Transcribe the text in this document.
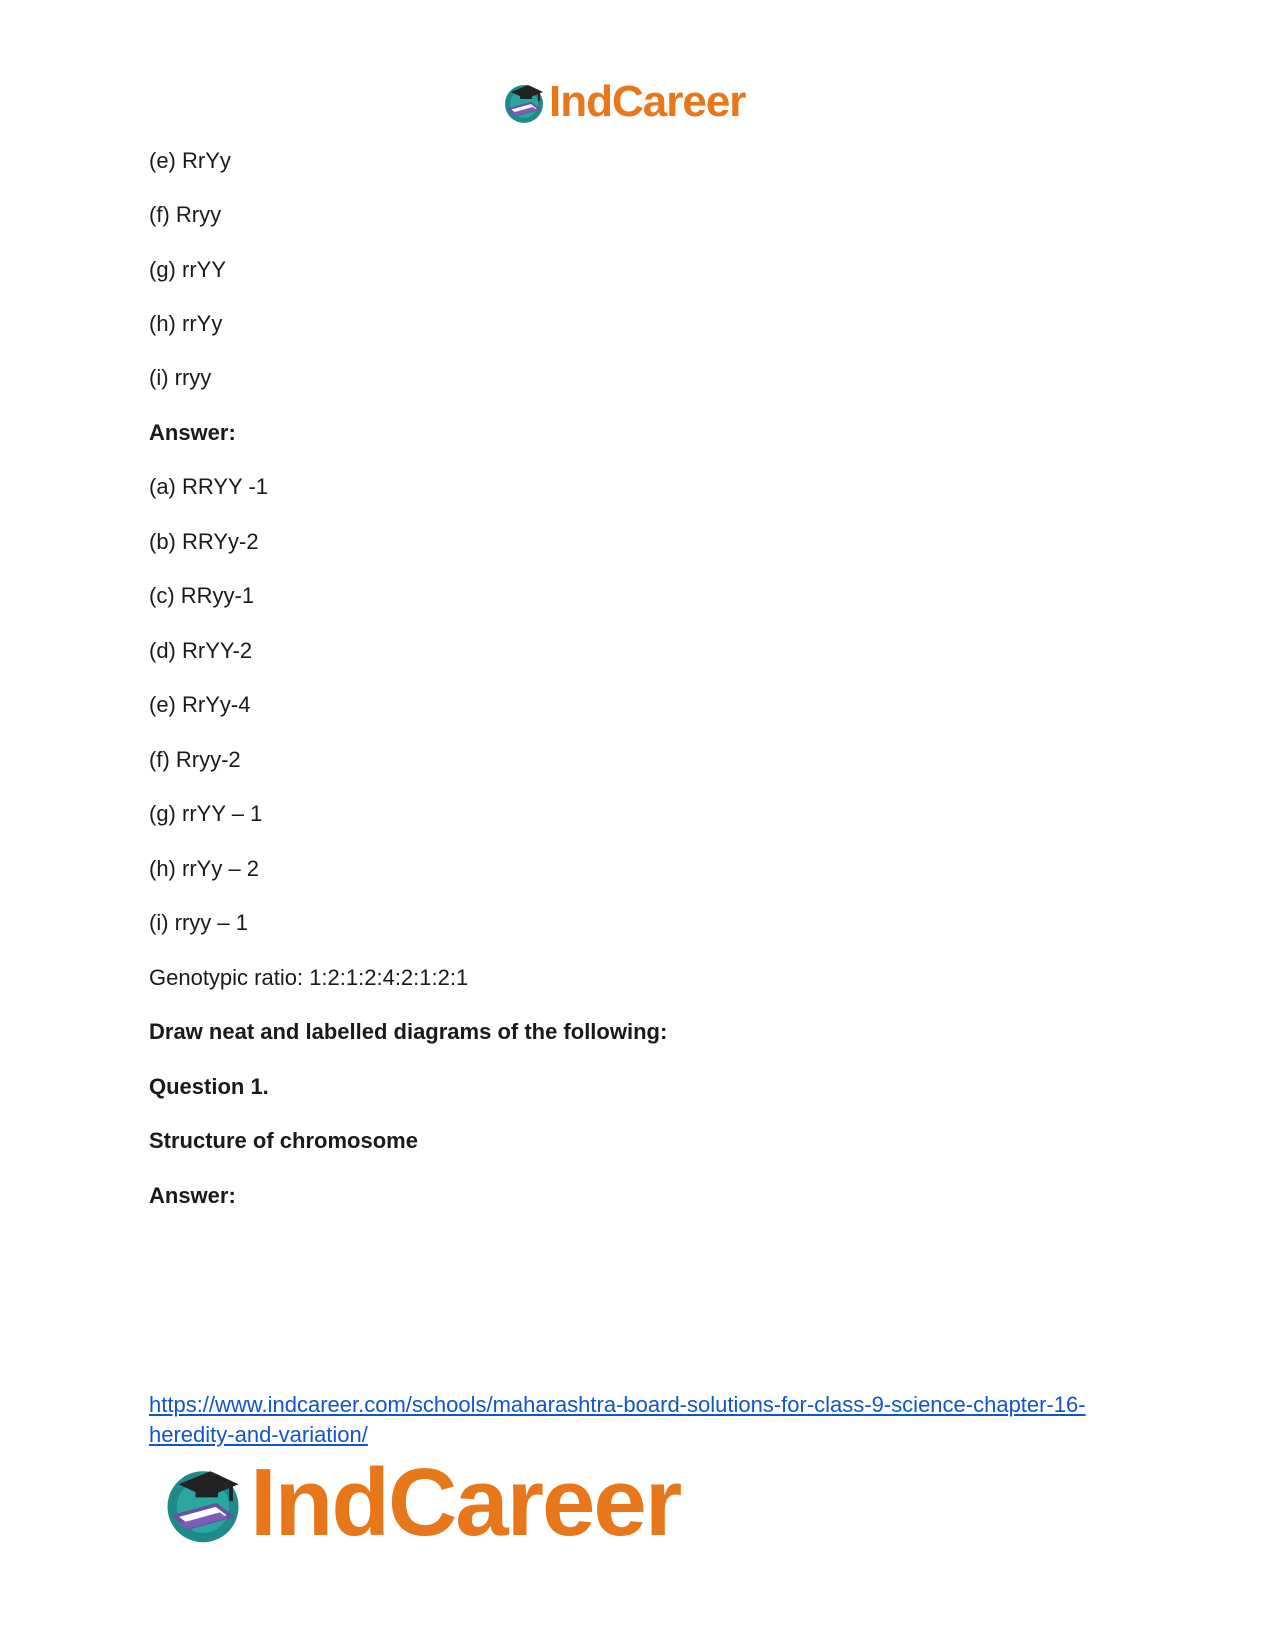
IndCareer
(e) RrYy
(f) Rryy
(g) rrYY
(h) rrYy
(i) rryy
Answer:
(a) RRYY -1
(b) RRYy-2
(c) RRyy-1
(d) RrYY-2
(e) RrYy-4
(f) Rryy-2
(g) rrYY – 1
(h) rrYy – 2
(i) rryy – 1
Genotypic ratio: 1:2:1:2:4:2:1:2:1
Draw neat and labelled diagrams of the following:
Question 1.
Structure of chromosome
Answer:
https://www.indcareer.com/schools/maharashtra-board-solutions-for-class-9-science-chapter-16-heredity-and-variation/
IndCareer
